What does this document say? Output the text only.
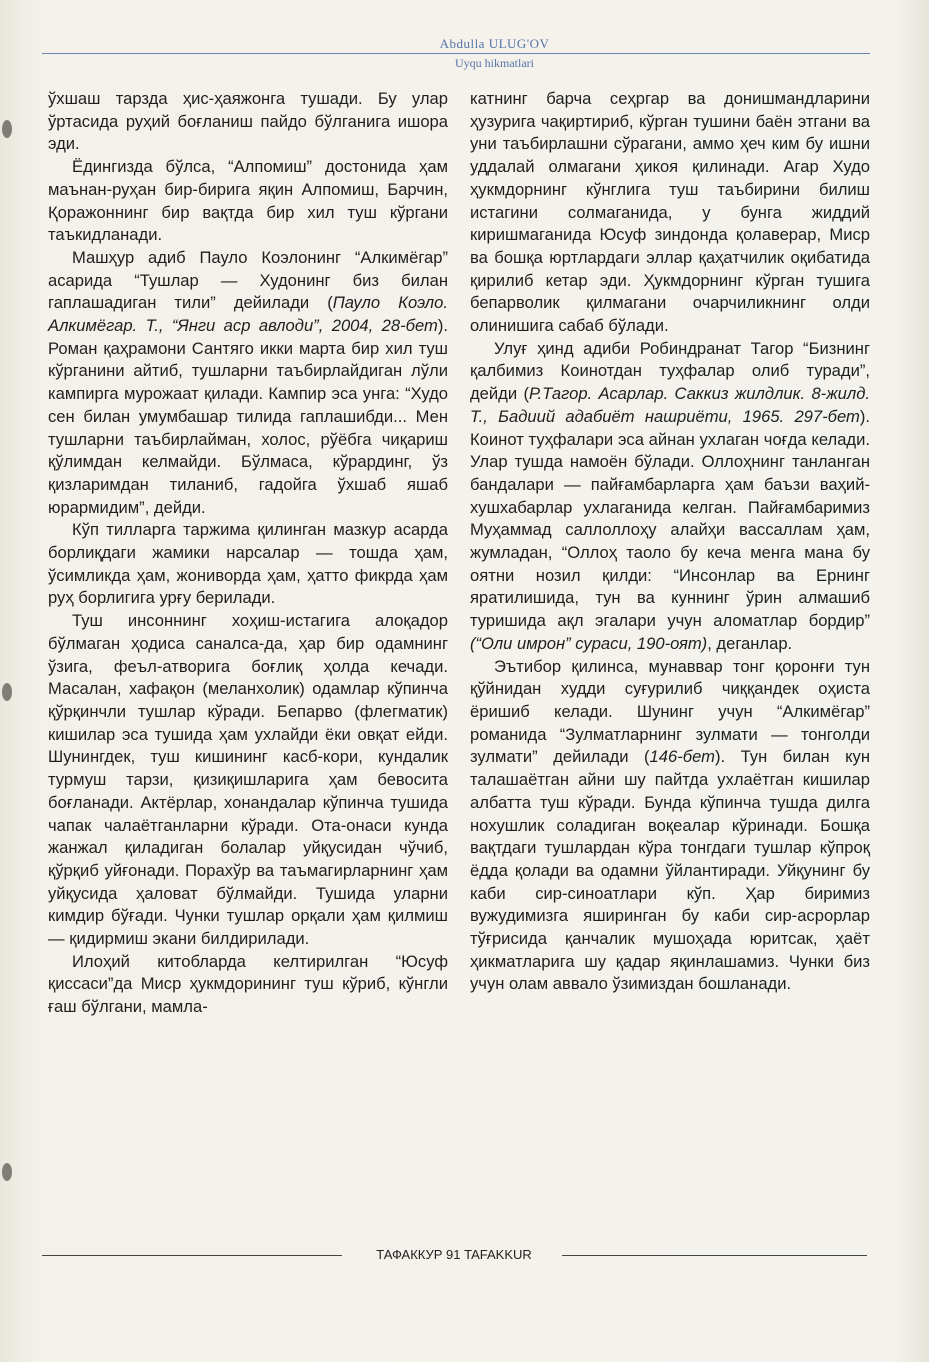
Abdulla ULUG'OV
Uyqu hikmatlari

ўхшаш тарзда ҳис-ҳаяжонга тушади. Бу улар ўртасида руҳий боғланиш пайдо бўлганига ишора эди.

Ёдингизда бўлса, “Алпомиш” достонида ҳам маънан-руҳан бир-бирига яқин Алпомиш, Барчин, Қоражоннинг бир вақтда бир хил туш кўргани таъкидланади.

Машҳур адиб Пауло Коэлонинг “Алкимёгар” асарида “Тушлар — Худонинг биз билан гаплашадиган тили” дейилади (Пауло Коэло. Алкимёгар. Т., “Янги аср авлоди”, 2004, 28-бет). Роман қаҳрамони Сантяго икки марта бир хил туш кўрганини айтиб, тушларни таъбирлайдиган лўли кампирга мурожаат қилади. Кампир эса унга: “Худо сен билан умумбашар тилида гаплашибди... Мен тушларни таъбирлайман, холос, рўёбга чиқариш қўлимдан келмайди. Бўлмаса, кўрардинг, ўз қизларимдан тиланиб, гадойга ўхшаб яшаб юрармидим”, дейди.

Кўп тилларга таржима қилинган мазкур асарда борлиқдаги жамики нарсалар — тошда ҳам, ўсимликда ҳам, жониворда ҳам, ҳатто фикрда ҳам руҳ борлигига урғу берилади.

Туш инсоннинг хоҳиш-истагига алоқадор бўлмаган ҳодиса саналса-да, ҳар бир одамнинг ўзига, феъл-атворига боғлиқ ҳолда кечади. Масалан, хафақон (меланхолик) одамлар кўпинча қўрқинчли тушлар кўради. Бепарво (флегматик) кишилар эса тушида ҳам ухлайди ёки овқат ейди. Шунингдек, туш кишининг касб-кори, кундалик турмуш тарзи, қизиқишларига ҳам бевосита боғланади. Актёрлар, хонандалар кўпинча тушида чапак чалаётганларни кўради. Ота-онаси кунда жанжал қиладиган болалар уйқусидан чўчиб, қўрқиб уйғонади. Порахўр ва таъмагирларнинг ҳам уйқусида ҳаловат бўлмайди. Тушида уларни кимдир бўғади. Чунки тушлар орқали ҳам қилмиш — қидирмиш экани билдирилади.

Илоҳий китобларда келтирилган “Юсуф қиссаси”да Миср ҳукмдорининг туш кўриб, кўнгли ғаш бўлгани, мамла-

катнинг барча сеҳргар ва донишмандларини ҳузурига чақиртириб, кўрган тушини баён этгани ва уни таъбирлашни сўрагани, аммо ҳеч ким бу ишни уддалай олмагани ҳикоя қилинади. Агар Худо ҳукмдорнинг кўнглига туш таъбирини билиш истагини солмаганида, у бунга жиддий киришмаганида Юсуф зиндонда қолаверар, Миср ва бошқа юртлардаги эллар қаҳатчилик оқибатида қирилиб кетар эди. Ҳукмдорнинг кўрган тушига бепарволик қилмагани очарчиликнинг олди олинишига сабаб бўлади.

Улуғ ҳинд адиби Робиндранат Тагор “Бизнинг қалбимиз Коинотдан туҳфалар олиб туради”, дейди (Р.Тагор. Асарлар. Саккиз жилдлик. 8-жилд. Т., Бадиий адабиёт нашриёти, 1965. 297-бет). Коинот туҳфалари эса айнан ухлаган чоғда келади. Улар тушда намоён бўлади. Оллоҳнинг танланган бандалари — пайғамбарларга ҳам баъзи ваҳий-хушхабарлар ухлаганида келган. Пайғамбаримиз Муҳаммад саллоллоҳу алайҳи вассаллам ҳам, жумладан, “Оллоҳ таоло бу кеча менга мана бу оятни нозил қилди: “Инсонлар ва Ернинг яратилишида, тун ва куннинг ўрин алмашиб туришида ақл эгалари учун аломатлар бордир” (“Оли имрон” сураси, 190-оят), деганлар.

Эътибор қилинса, мунаввар тонг қоронғи тун қўйнидан худди суғурилиб чиққандек оҳиста ёришиб келади. Шунинг учун “Алкимёгар” романида “Зулматларнинг зулмати — тонголди зулмати” дейилади (146-бет). Тун билан кун талашаётган айни шу пайтда ухлаётган кишилар албатта туш кўради. Бунда кўпинча тушда дилга нохушлик соладиган воқеалар кўринади. Бошқа вақтдаги тушлардан кўра тонгдаги тушлар кўпроқ ёдда қолади ва одамни ўйлантиради. Уйқунинг бу каби сир-синоатлари кўп. Ҳар биримиз вужудимизга яширинган бу каби сир-асрорлар тўғрисида қанчалик мушоҳада юритсак, ҳаёт ҳикматларига шу қадар яқинлашамиз. Чунки биз учун олам аввало ўзимиздан бошланади.

ТАФАККУР 91 TAFAKKUR
